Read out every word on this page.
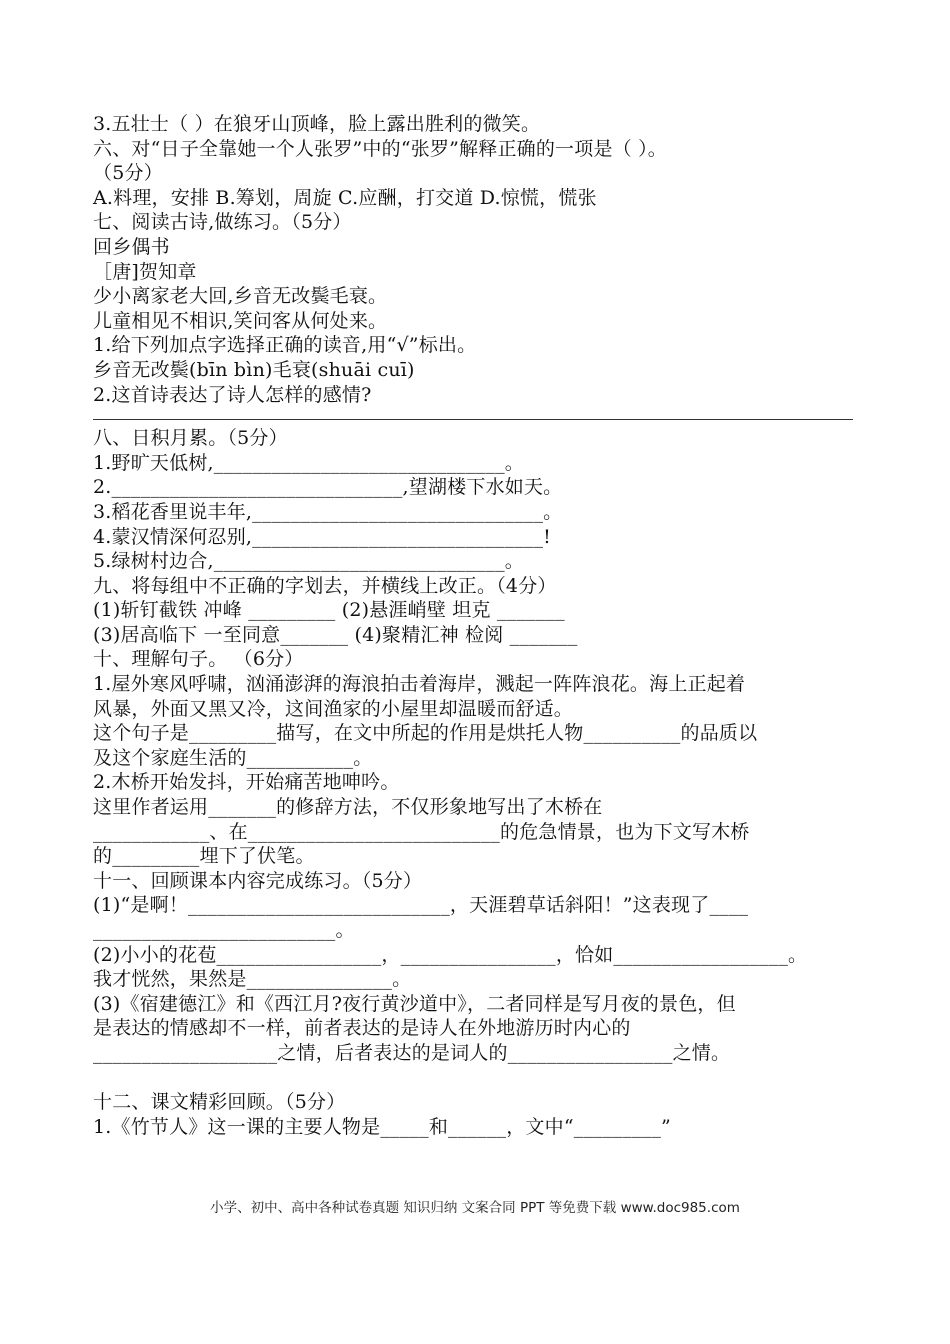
3.五壮士（ ）在狼牙山顶峰，脸上露出胜利的微笑。
六、对“日子全靠她一个人张罗”中的“张罗”解释正确的一项是（ ）。
（5分）
A.料理，安排 B.筹划，周旋 C.应酬，打交道 D.惊慌，慌张
七、阅读古诗,做练习。（5分）
回乡偶书
［唐]贺知章
少小离家老大回,乡音无改鬓毛衰。
儿童相见不相识,笑问客从何处来。
1.给下列加点字选择正确的读音,用“√”标出。
乡音无改鬓(bīn bìn)毛衰(shuāi cuī)
2.这首诗表达了诗人怎样的感情?
八、日积月累。（5分）
1.野旷天低树,______________________________。
2.______________________________,望湖楼下水如天。
3.稻花香里说丰年,______________________________。
4.蒙汉情深何忍别,______________________________!
5.绿树村边合,______________________________。
九、将每组中不正确的字划去，并横线上改正。（4分）
(1)斩钉截铁 冲峰 _________ (2)悬涯峭壁 坦克 _______
(3)居高临下 一至同意_______ (4)聚精汇神 检阅 _______
十、理解句子。 （6分）
1.屋外寒风呼啸，汹涌澎湃的海浪拍击着海岸，溅起一阵阵浪花。海上正起着
风暴，外面又黑又冷，这间渔家的小屋里却温暖而舒适。
这个句子是_________描写，在文中所起的作用是烘托人物__________的品质以
及这个家庭生活的___________。
2.木桥开始发抖，开始痛苦地呻吟。
这里作者运用_______的修辞方法，不仅形象地写出了木桥在
____________、在__________________________的危急情景，也为下文写木桥
的_________埋下了伏笔。
十一、回顾课本内容完成练习。（5分）
(1)“是啊！___________________________，天涯碧草话斜阳！”这表现了____
_________________________。
(2)小小的花苞_________________，________________，恰如__________________。
我才恍然，果然是_______________。
(3)《宿建德江》和《西江月?夜行黄沙道中》，二者同样是写月夜的景色，但
是表达的情感却不一样，前者表达的是诗人在外地游历时内心的
___________________之情，后者表达的是词人的_________________之情。
十二、课文精彩回顾。（5分）
1.《竹节人》这一课的主要人物是_____和______，文中“_________”
小学、初中、高中各种试卷真题 知识归纳 文案合同 PPT 等免费下载 www.doc985.com
